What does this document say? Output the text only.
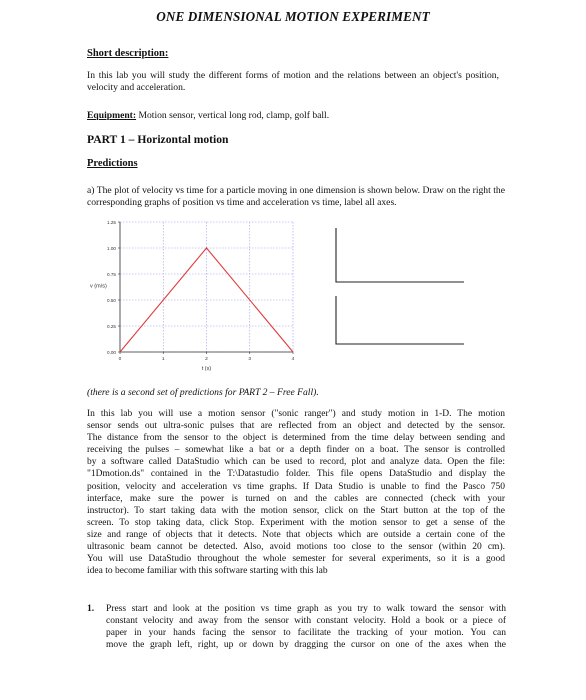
ONE DIMENSIONAL MOTION EXPERIMENT
Short description:
In this lab you will study the different forms of motion and the relations between an object's position, velocity and acceleration.
Equipment: Motion sensor, vertical long rod, clamp, golf ball.
PART 1 – Horizontal motion
Predictions
a) The plot of velocity vs time for a particle moving in one dimension is shown below. Draw on the right the corresponding graphs of position vs time and acceleration vs time, label all axes.
0.00
0.25
0.50
0.75
1.00
1.25
0	1	2	3	4
v (m/s)
t (s)
(there is a second set of predictions for PART 2 – Free Fall).
In this lab you will use a motion sensor ("sonic ranger") and study motion in 1-D. The motion
sensor sends out ultra-sonic pulses that are reflected from an object and detected by the sensor.
The distance from the sensor to the object is determined from the time delay between sending and
receiving the pulses – somewhat like a bat or a depth finder on a boat. The sensor is controlled
by a software called DataStudio which can be used to record, plot and analyze data. Open the file:
"1Dmotion.ds" contained in the T:\Datastudio folder. This file opens DataStudio and display the
position, velocity and acceleration vs time graphs. If Data Studio is unable to find the Pasco 750
interface, make sure the power is turned on and the cables are connected (check with your
instructor). To start taking data with the motion sensor, click on the Start button at the top of the
screen. To stop taking data, click Stop. Experiment with the motion sensor to get a sense of the
size and range of objects that it detects. Note that objects which are outside a certain cone of the
ultrasonic beam cannot be detected. Also, avoid motions too close to the sensor (within 20 cm).
You will use DataStudio throughout the whole semester for several experiments, so it is a good
idea to become familiar with this software starting with this lab
1. Press start and look at the position vs time graph as you try to walk toward the sensor with
constant velocity and away from the sensor with constant velocity. Hold a book or a piece of
paper in your hands facing the sensor to facilitate the tracking of your motion. You can
move the graph left, right, up or down by dragging the cursor on one of the axes when the
